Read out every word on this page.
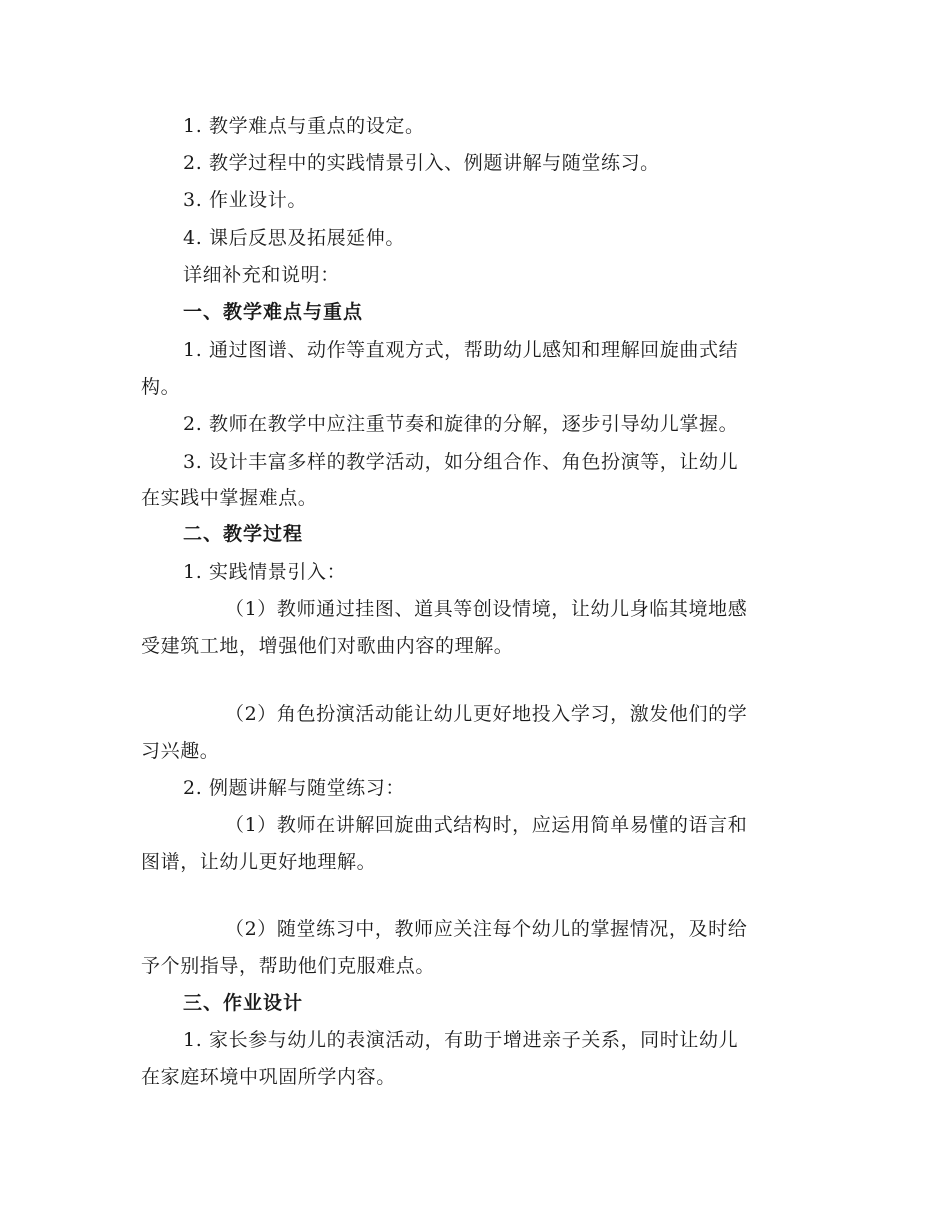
1. 教学难点与重点的设定。
2. 教学过程中的实践情景引入、例题讲解与随堂练习。
3. 作业设计。
4. 课后反思及拓展延伸。
详细补充和说明：
一、教学难点与重点
1. 通过图谱、动作等直观方式，帮助幼儿感知和理解回旋曲式结
构。
2. 教师在教学中应注重节奏和旋律的分解，逐步引导幼儿掌握。
3. 设计丰富多样的教学活动，如分组合作、角色扮演等，让幼儿
在实践中掌握难点。
二、教学过程
1. 实践情景引入：
（1）教师通过挂图、道具等创设情境，让幼儿身临其境地感
受建筑工地，增强他们对歌曲内容的理解。
（2）角色扮演活动能让幼儿更好地投入学习，激发他们的学
习兴趣。
2. 例题讲解与随堂练习：
（1）教师在讲解回旋曲式结构时，应运用简单易懂的语言和
图谱，让幼儿更好地理解。
（2）随堂练习中，教师应关注每个幼儿的掌握情况，及时给
予个别指导，帮助他们克服难点。
三、作业设计
1. 家长参与幼儿的表演活动，有助于增进亲子关系，同时让幼儿
在家庭环境中巩固所学内容。
